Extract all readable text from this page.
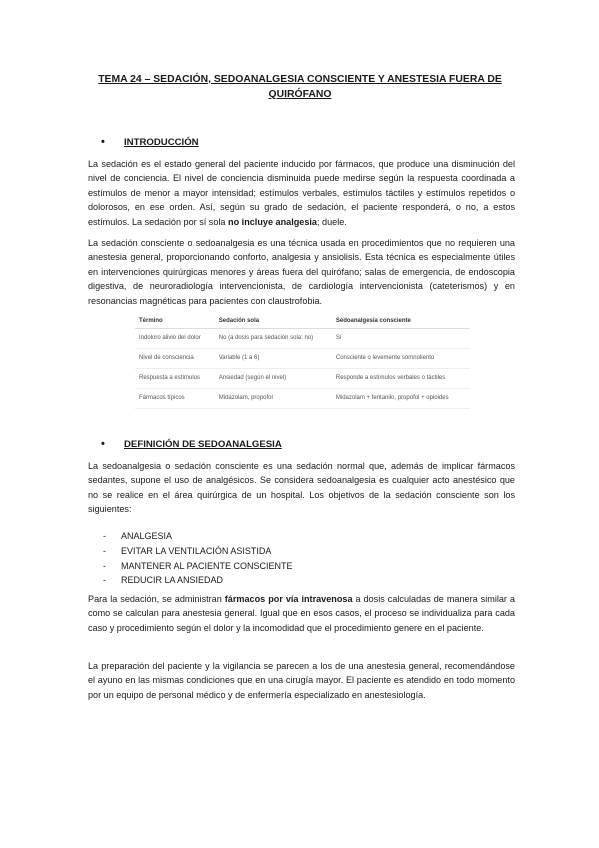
TEMA 24 – SEDACIÓN, SEDOANALGESIA CONSCIENTE Y ANESTESIA FUERA DE
QUIRÓFANO
• INTRODUCCIÓN

La sedación es el estado general del paciente inducido por fármacos, que produce una disminución del nivel de conciencia. El nivel de conciencia disminuida puede medirse según la respuesta coordinada a estímulos de menor a mayor intensidad; estímulos verbales, estímulos táctiles y estímulos repetidos o dolorosos, en ese orden. Así, según su grado de sedación, el paciente responderá, o no, a estos estímulos. La sedación por sí sola no incluye analgesia; duele.

La sedación consciente o sedoanalgesia es una técnica usada en procedimientos que no requieren una anestesia general, proporcionando conforto, analgesia y ansiolisis. Esta técnica es especialmente útiles en intervenciones quirúrgicas menores y áreas fuera del quirófano; salas de emergencia, de endoscopia digestiva, de neuroradiología intervencionista, de cardiología intervencionista (cateterismos) y en resonancias magnéticas para pacientes con claustrofobia.

Término	Sedación sola	Sedoanalgesia consciente
Indoloro alivio del dolor	No (a dosis para sedación sola: no)	Sí
Nivel de consciencia	Variable (1 a 6)	Consciente o levemente somnoliento
Respuesta a estímulos	Ansiedad (según el nivel)	Responde a estímulos verbales o táctiles
Fármacos típicos	Midazolam, propofol	Midazolam + fentanilo, propofol + opioides
• DEFINICIÓN DE SEDOANALGESIA

La sedoanalgesia o sedación consciente es una sedación normal que, además de implicar fármacos sedantes, supone el uso de analgésicos. Se considera sedoanalgesia es cualquier acto anestésico que no se realice en el área quirúrgica de un hospital. Los objetivos de la sedación consciente son los siguientes:

- ANALGESIA
- EVITAR LA VENTILACIÓN ASISTIDA
- MANTENER AL PACIENTE CONSCIENTE
- REDUCIR LA ANSIEDAD

Para la sedación, se administran fármacos por vía intravenosa a dosis calculadas de manera similar a como se calculan para anestesia general. Igual que en esos casos, el proceso se individualiza para cada caso y procedimiento según el dolor y la incomodidad que el procedimiento genere en el paciente.

La preparación del paciente y la vigilancia se parecen a los de una anestesia general, recomendándose el ayuno en las mismas condiciones que en una cirugía mayor. El paciente es atendido en todo momento por un equipo de personal médico y de enfermería especializado en anestesiología.
